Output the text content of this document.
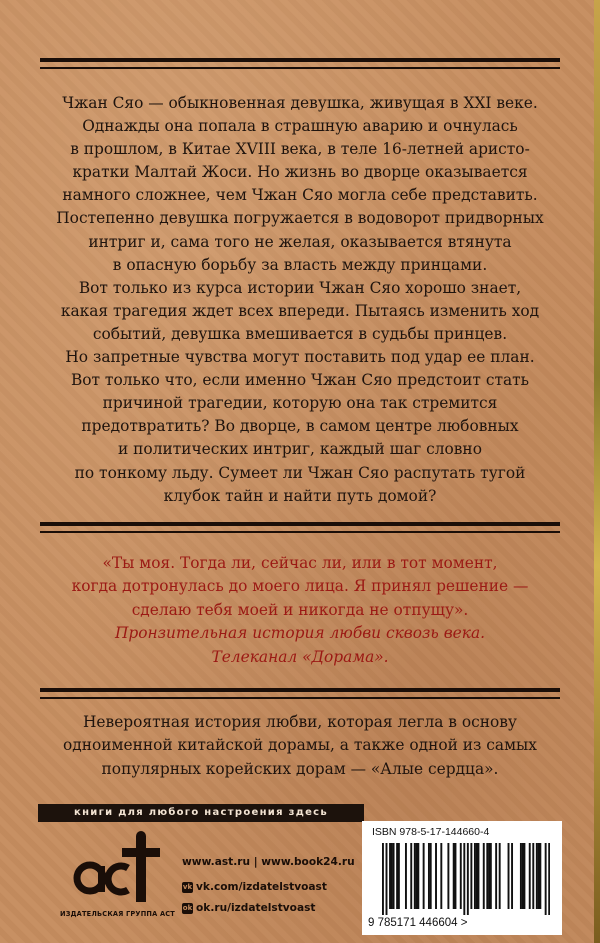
Чжан Сяо — обыкновенная девушка, живущая в XXI веке.
Однажды она попала в страшную аварию и очнулась
в прошлом, в Китае XVIII века, в теле 16-летней аристо-
кратки Малтай Жоси. Но жизнь во дворце оказывается
намного сложнее, чем Чжан Сяо могла себе представить.
Постепенно девушка погружается в водоворот придворных
интриг и, сама того не желая, оказывается втянута
в опасную борьбу за власть между принцами.
Вот только из курса истории Чжан Сяо хорошо знает,
какая трагедия ждет всех впереди. Пытаясь изменить ход
событий, девушка вмешивается в судьбы принцев.
Но запретные чувства могут поставить под удар ее план.
Вот только что, если именно Чжан Сяо предстоит стать
причиной трагедии, которую она так стремится
предотвратить? Во дворце, в самом центре любовных
и политических интриг, каждый шаг словно
по тонкому льду. Сумеет ли Чжан Сяо распутать тугой
клубок тайн и найти путь домой?
«Ты моя. Тогда ли, сейчас ли, или в тот момент,
когда дотронулась до моего лица. Я принял решение —
сделаю тебя моей и никогда не отпущу».
Пронзительная история любви сквозь века.
Телеканал «Дорама».
Невероятная история любви, которая легла в основу
одноименной китайской дорамы, а также одной из самых
популярных корейских дорам — «Алые сердца».
книги для любого настроения здесь
ИЗДАТЕЛЬСКАЯ ГРУППА АСТ
www.ast.ru | www.book24.ru
vk vk.com/izdatelstvoast
ok ok.ru/izdatelstvoast
ISBN 978-5-17-144660-4
9 785171 446604 >
